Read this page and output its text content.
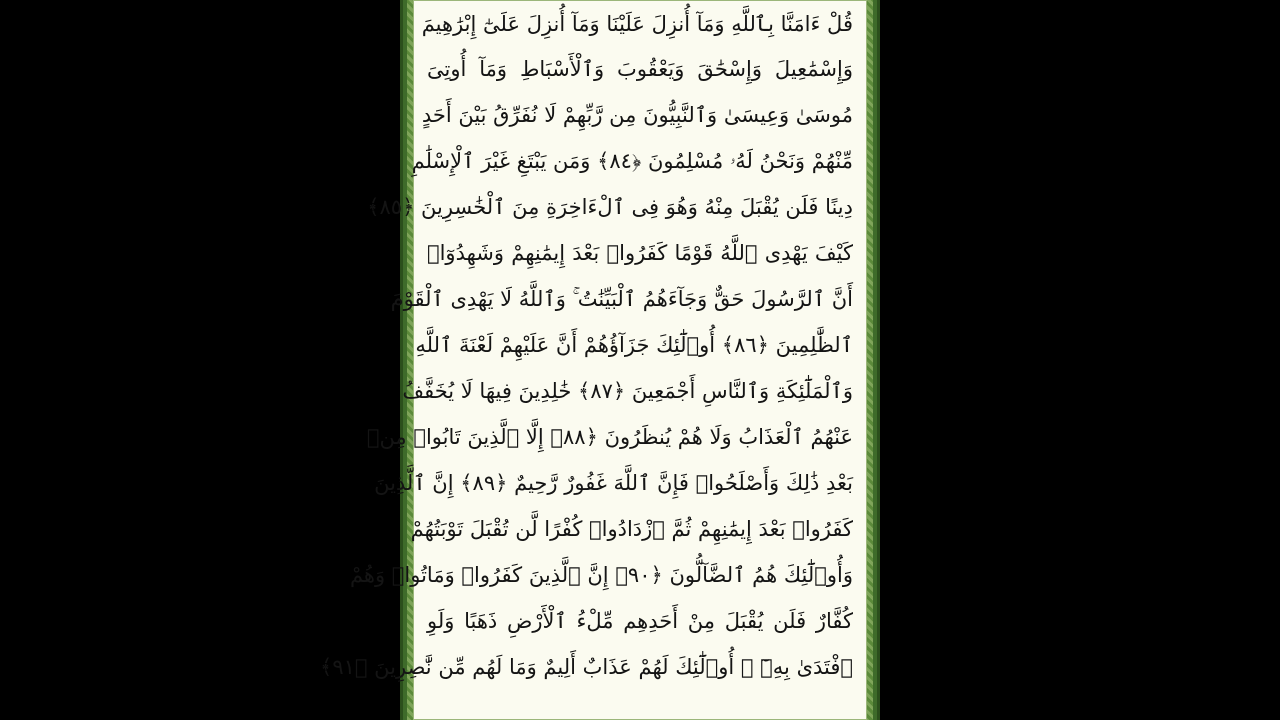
قُلْ ءَامَنَّا بِٱللَّهِ وَمَآ أُنزِلَ عَلَيْنَا وَمَآ أُنزِلَ عَلَىٰٓ إِبْرَٰهِيمَ
وَإِسْمَٰعِيلَ وَإِسْحَٰقَ وَيَعْقُوبَ وَٱلْأَسْبَاطِ وَمَآ أُوتِىَ
مُوسَىٰ وَعِيسَىٰ وَٱلنَّبِيُّونَ مِن رَّبِّهِمْ لَا نُفَرِّقُ بَيْنَ أَحَدٍ
مِّنْهُمْ وَنَحْنُ لَهُۥ مُسْلِمُونَ ﴿٨٤﴾ وَمَن يَبْتَغِ غَيْرَ ٱلْإِسْلَٰمِ
دِينًا فَلَن يُقْبَلَ مِنْهُ وَهُوَ فِى ٱلْءَاخِرَةِ مِنَ ٱلْخَٰسِرِينَ ﴿٨٥﴾
كَيْفَ يَهْدِى ٱللَّهُ قَوْمًا كَفَرُوا۟ بَعْدَ إِيمَٰنِهِمْ وَشَهِدُوٓا۟
أَنَّ ٱلرَّسُولَ حَقٌّ وَجَآءَهُمُ ٱلْبَيِّنَٰتُ ۚ وَٱللَّهُ لَا يَهْدِى ٱلْقَوْمَ
ٱلظَّٰلِمِينَ ﴿٨٦﴾ أُو۟لَٰٓئِكَ جَزَآؤُهُمْ أَنَّ عَلَيْهِمْ لَعْنَةَ ٱللَّهِ
وَٱلْمَلَٰٓئِكَةِ وَٱلنَّاسِ أَجْمَعِينَ ﴿٨٧﴾ خَٰلِدِينَ فِيهَا لَا يُخَفَّفُ
عَنْهُمُ ٱلْعَذَابُ وَلَا هُمْ يُنظَرُونَ ﴿٨٨﴾ إِلَّا ٱلَّذِينَ تَابُوا۟ مِنۢ
بَعْدِ ذَٰلِكَ وَأَصْلَحُوا۟ فَإِنَّ ٱللَّهَ غَفُورٌ رَّحِيمٌ ﴿٨٩﴾ إِنَّ ٱلَّذِينَ
كَفَرُوا۟ بَعْدَ إِيمَٰنِهِمْ ثُمَّ ٱزْدَادُوا۟ كُفْرًا لَّن تُقْبَلَ تَوْبَتُهُمْ
وَأُو۟لَٰٓئِكَ هُمُ ٱلضَّآلُّونَ ﴿٩٠﴾ إِنَّ ٱلَّذِينَ كَفَرُوا۟ وَمَاتُوا۟ وَهُمْ
كُفَّارٌ فَلَن يُقْبَلَ مِنْ أَحَدِهِم مِّلْءُ ٱلْأَرْضِ ذَهَبًا وَلَوِ
ٱفْتَدَىٰ بِهِۦٓ ۗ أُو۟لَٰٓئِكَ لَهُمْ عَذَابٌ أَلِيمٌ وَمَا لَهُم مِّن نَّٰصِرِينَ ﴿٩١﴾
